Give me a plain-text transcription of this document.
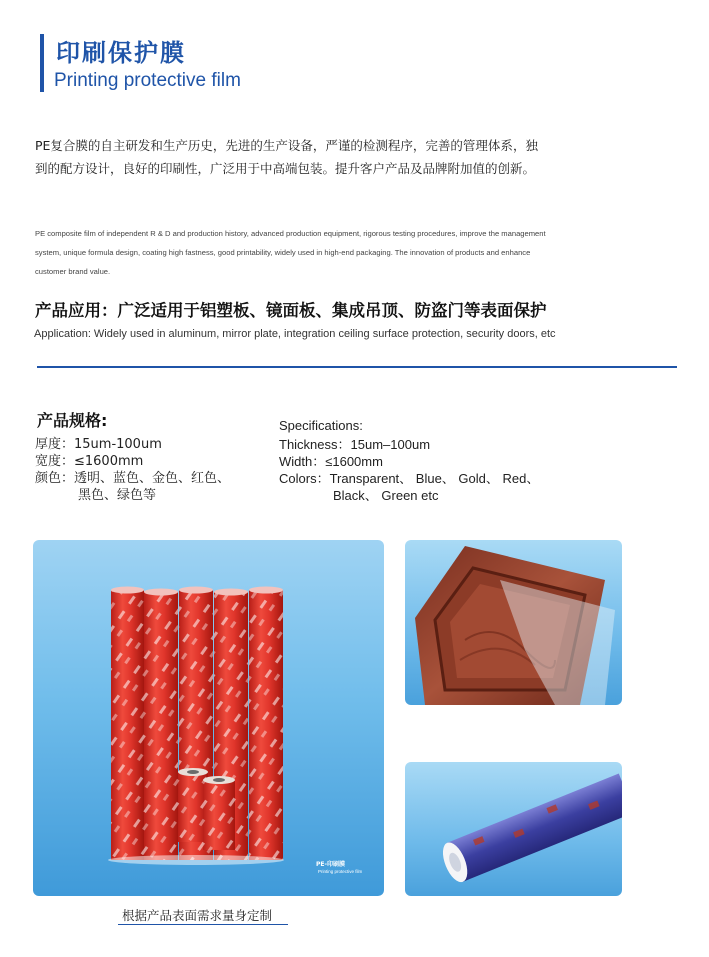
印刷保护膜
Printing protective film
PE复合膜的自主研发和生产历史，先进的生产设备，严谨的检测程序，完善的管理体系，独到的配方设计，良好的印刷性，广泛用于中高端包装。提升客户产品及品牌附加值的创新。
PE composite film of independent R & D and production history, advanced production equipment, rigorous testing procedures, improve the management system, unique formula design, coating high fastness, good printability, widely used in high-end packaging. The innovation of products and enhance customer brand value.
产品应用：广泛适用于铝塑板、镜面板、集成吊顶、防盗门等表面保护
Application: Widely used in aluminum, mirror plate, integration ceiling surface protection, security doors, etc
产品规格:
厚度：15um-100um
宽度：≤1600mm
颜色：透明、蓝色、金色、红色、
黑色、绿色等
Specifications:
Thickness：15um–100um
Width：≤1600mm
Colors：Transparent、 Blue、 Gold、 Red、
Black、 Green etc
PE-印刷膜
Printing protective film
根据产品表面需求量身定制
